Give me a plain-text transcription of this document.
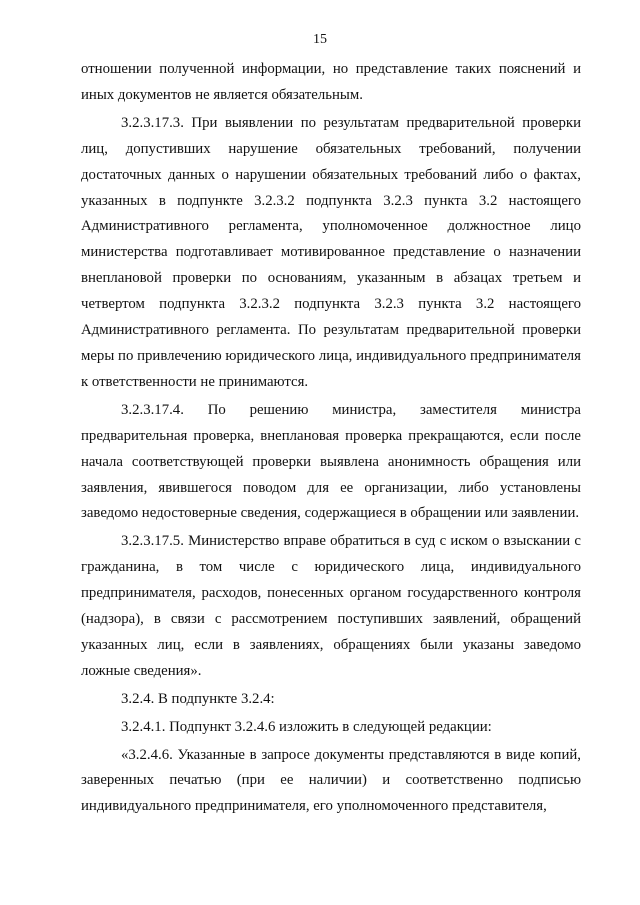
15

отношении полученной информации, но представление таких пояснений и иных документов не является обязательным.

3.2.3.17.3. При выявлении по результатам предварительной проверки лиц, допустивших нарушение обязательных требований, получении достаточных данных о нарушении обязательных требований либо о фактах, указанных в подпункте 3.2.3.2 подпункта 3.2.3 пункта 3.2 настоящего Административного регламента, уполномоченное должностное лицо министерства подготавливает мотивированное представление о назначении внеплановой проверки по основаниям, указанным в абзацах третьем и четвертом подпункта 3.2.3.2 подпункта 3.2.3 пункта 3.2 настоящего Административного регламента. По результатам предварительной проверки меры по привлечению юридического лица, индивидуального предпринимателя к ответственности не принимаются.

3.2.3.17.4. По решению министра, заместителя министра предварительная проверка, внеплановая проверка прекращаются, если после начала соответствующей проверки выявлена анонимность обращения или заявления, явившегося поводом для ее организации, либо установлены заведомо недостоверные сведения, содержащиеся в обращении или заявлении.

3.2.3.17.5. Министерство вправе обратиться в суд с иском о взыскании с гражданина, в том числе с юридического лица, индивидуального предпринимателя, расходов, понесенных органом государственного контроля (надзора), в связи с рассмотрением поступивших заявлений, обращений указанных лиц, если в заявлениях, обращениях были указаны заведомо ложные сведения».

3.2.4. В подпункте 3.2.4:

3.2.4.1. Подпункт 3.2.4.6 изложить в следующей редакции:

«3.2.4.6. Указанные в запросе документы представляются в виде копий, заверенных печатью (при ее наличии) и соответственно подписью индивидуального предпринимателя, его уполномоченного представителя,
